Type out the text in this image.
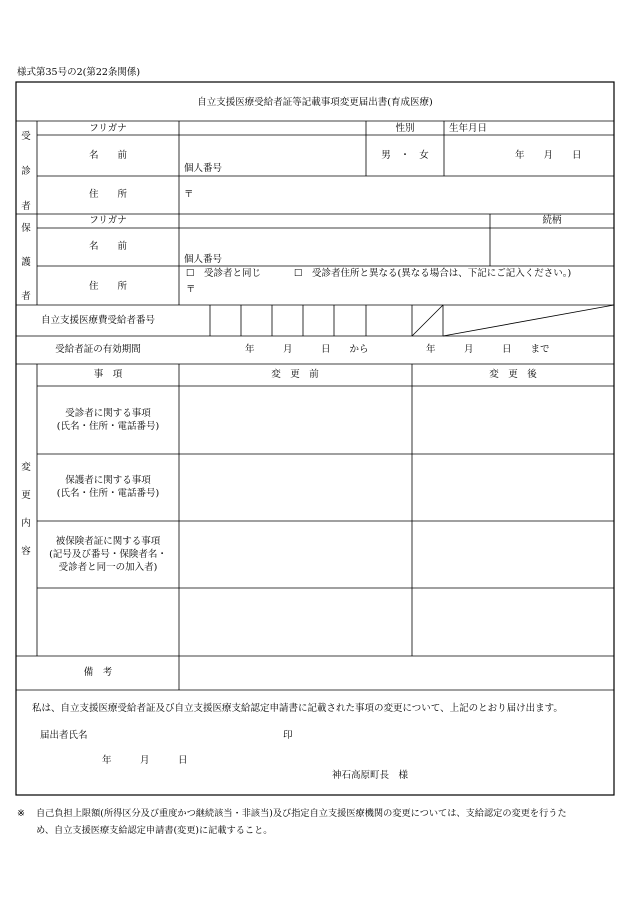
様式第35号の2(第22条関係)
自立支援医療受給者証等記載事項変更届出書(育成医療)
受
診
者
フリガナ	性別	生年月日
名　　前	男　・　女	年　　月　　日
個人番号
住　　所	〒
保
護
者
フリガナ	続柄
名　　前
個人番号
住　　所
☐　受診者と同じ	☐　受診者住所と異なる(異なる場合は、下記にご記入ください。)
〒
自立支援医療費受給者番号
受給者証の有効期間	年　　　月　　　日　　から	年　　　月　　　日　　まで
変
更
内
容
事　項	変　更　前	変　更　後
受診者に関する事項
(氏名・住所・電話番号)
保護者に関する事項
(氏名・住所・電話番号)
被保険者証に関する事項
(記号及び番号・保険者名・
受診者と同一の加入者)
備　考
私は、自立支援医療受給者証及び自立支援医療支給認定申請書に記載された事項の変更について、上記のとおり届け出ます。
届出者氏名	印
年　　　月　　　日
神石高原町長　様
※ 自己負担上限額(所得区分及び重度かつ継続該当・非該当)及び指定自立支援医療機関の変更については、支給認定の変更を行うた
め、自立支援医療支給認定申請書(変更)に記載すること。
